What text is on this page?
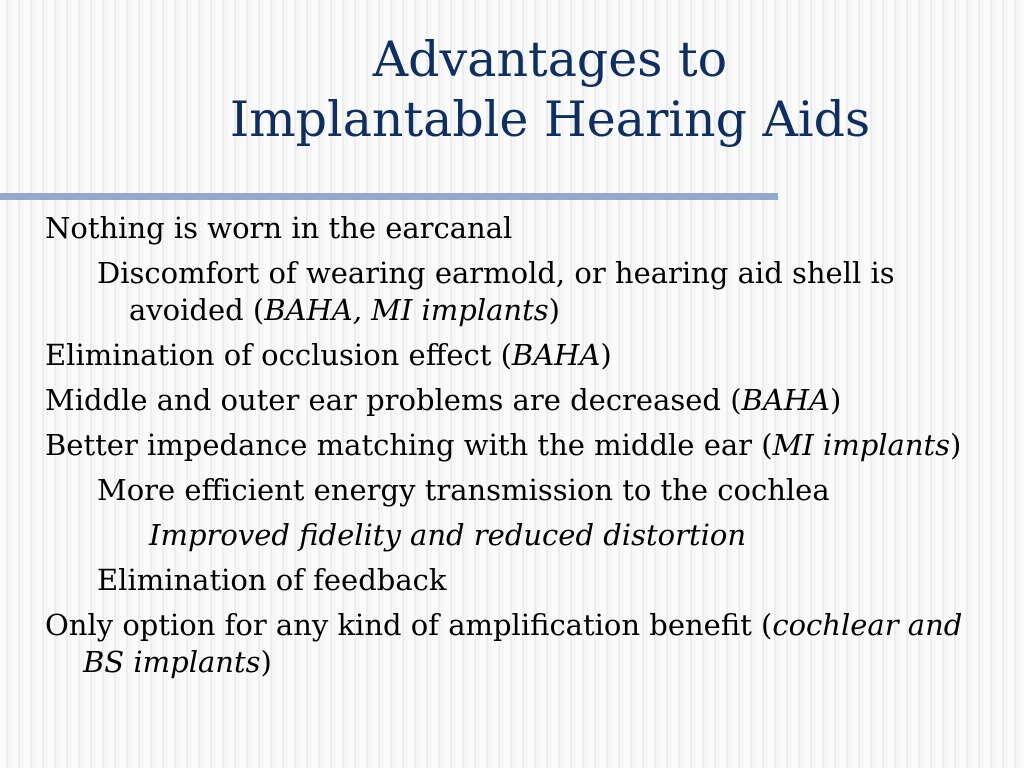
Advantages to
Implantable Hearing Aids
Nothing is worn in the earcanal
Discomfort of wearing earmold, or hearing aid shell is avoided (BAHA, MI implants)
Elimination of occlusion effect (BAHA)
Middle and outer ear problems are decreased (BAHA)
Better impedance matching with the middle ear (MI implants)
More efficient energy transmission to the cochlea
Improved fidelity and reduced distortion
Elimination of feedback
Only option for any kind of amplification benefit (cochlear and BS implants)
